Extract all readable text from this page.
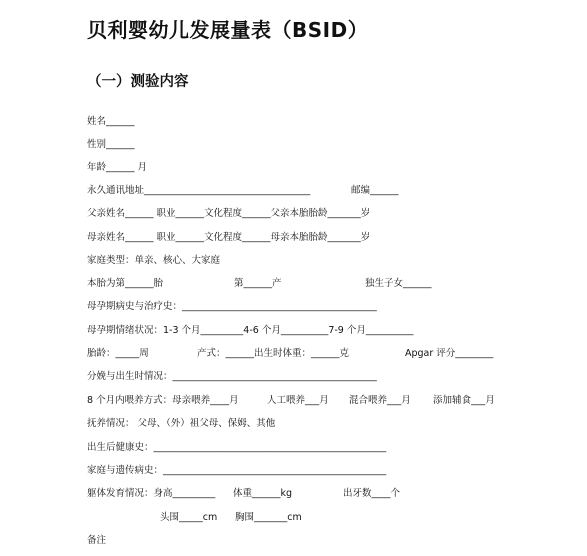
贝利婴幼儿发展量表（BSID）
（一）测验内容
姓名______
性别______
年龄______ 月
永久通讯地址___________________________________	邮编______
父亲姓名______ 职业______文化程度______父亲本胎胎龄_______岁
母亲姓名______ 职业______文化程度______母亲本胎胎龄_______岁
家庭类型：单亲、核心、大家庭
本胎为第______胎	第______产	独生子女______
母孕期病史与治疗史：_________________________________________
母孕期情绪状况：1-3 个月_________4-6 个月__________7-9 个月__________
胎龄：_____周	产式：______出生时体重：______克	Apgar 评分________
分娩与出生时情况：___________________________________________
8 个月内喂养方式：母亲喂养____月	人工喂养___月 混合喂养___月 添加辅食___月
抚养情况： 父母、（外）祖父母、保姆、其他
出生后健康史：_________________________________________________
家庭与遗传病史：_______________________________________________
躯体发育情况：身高_________ 体重______kg	出牙数____个
头围_____cm 胸围_______cm
备注
